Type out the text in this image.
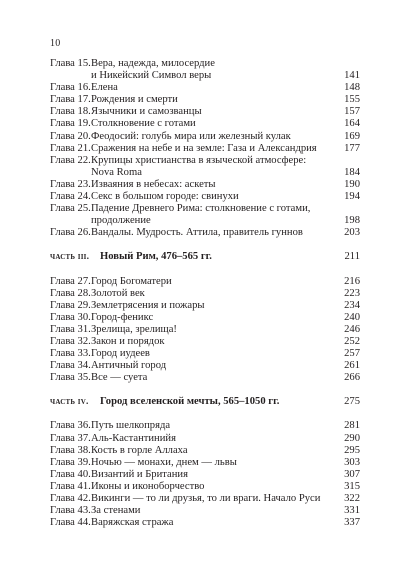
10
Глава 15. Вера, надежда, милосердие
и Никейский Символ веры	141
Глава 16. Елена	148
Глава 17. Рождения и смерти	155
Глава 18. Язычники и самозванцы	157
Глава 19. Столкновение с готами	164
Глава 20. Феодосий: голубь мира или железный кулак	169
Глава 21. Сражения на небе и на земле: Газа и Александрия	177
Глава 22. Крупицы христианства в языческой атмосфере:
Nova Roma	184
Глава 23. Изваяния в небесах: аскеты	190
Глава 24. Секс в большом городе: свинухи	194
Глава 25. Падение Древнего Рима: столкновение с готами,
продолжение	198
Глава 26. Вандалы. Мудрость. Аттила, правитель гуннов	203
часть iii.	Новый Рим, 476–565 гг.	211
Глава 27. Город Богоматери	216
Глава 28. Золотой век	223
Глава 29. Землетрясения и пожары	234
Глава 30. Город-феникс	240
Глава 31. Зрелища, зрелища!	246
Глава 32. Закон и порядок	252
Глава 33. Город иудеев	257
Глава 34. Античный город	261
Глава 35. Все — суета	266
часть iv.	Город вселенской мечты, 565–1050 гг.	275
Глава 36. Путь шелкопряда	281
Глава 37. Аль-Кастантинийя	290
Глава 38. Кость в горле Аллаха	295
Глава 39. Ночью — монахи, днем — львы	303
Глава 40. Византий и Британия	307
Глава 41. Иконы и иконоборчество	315
Глава 42. Викинги — то ли друзья, то ли враги. Начало Руси	322
Глава 43. За стенами	331
Глава 44. Варяжская стража	337
